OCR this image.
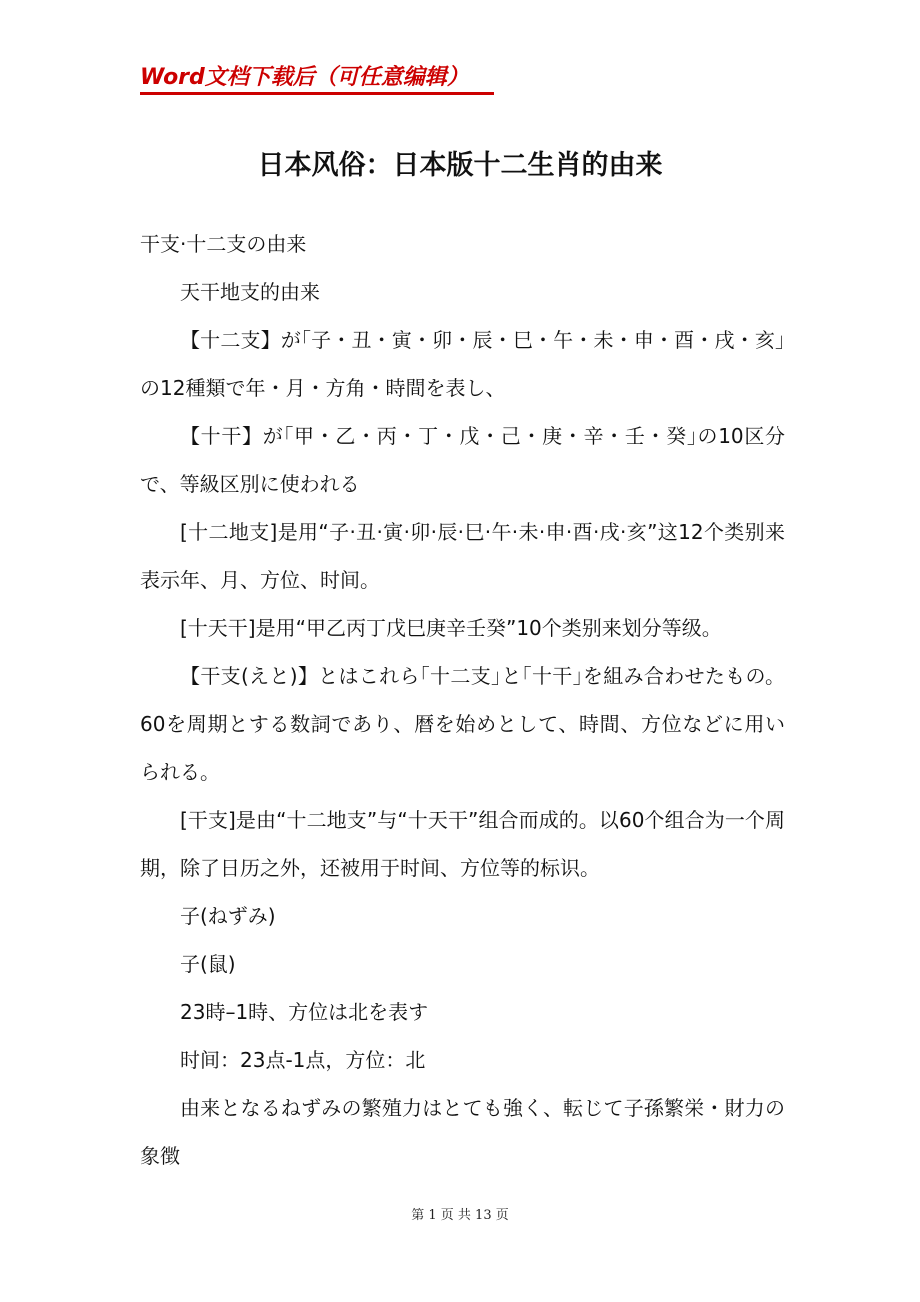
Word文档下载后（可任意编辑）
日本风俗：日本版十二生肖的由来

干支·十二支の由来

天干地支的由来

【十二支】が｢子・丑・寅・卯・辰・巳・午・未・申・酉・戌・亥｣の12種類で年・月・方角・時間を表し、

【十干】が｢甲・乙・丙・丁・戊・己・庚・辛・壬・癸｣の10区分で、等級区別に使われる

[十二地支]是用“子·丑·寅·卯·辰·巳·午·未·申·酉·戌·亥”这12个类别来表示年、月、方位、时间。

[十天干]是用“甲乙丙丁戊巳庚辛壬癸”10个类别来划分等级。

【干支(えと)】とはこれら｢十二支｣と｢十干｣を組み合わせたもの。60を周期とする数詞であり、暦を始めとして、時間、方位などに用いられる。

[干支]是由“十二地支”与“十天干”组合而成的。以60个组合为一个周期，除了日历之外，还被用于时间、方位等的标识。

子(ねずみ)

子(鼠)

23時–1時、方位は北を表す

时间：23点-1点，方位：北

由来となるねずみの繁殖力はとても強く、転じて子孫繁栄・財力の象徴

第 1 页 共 13 页
